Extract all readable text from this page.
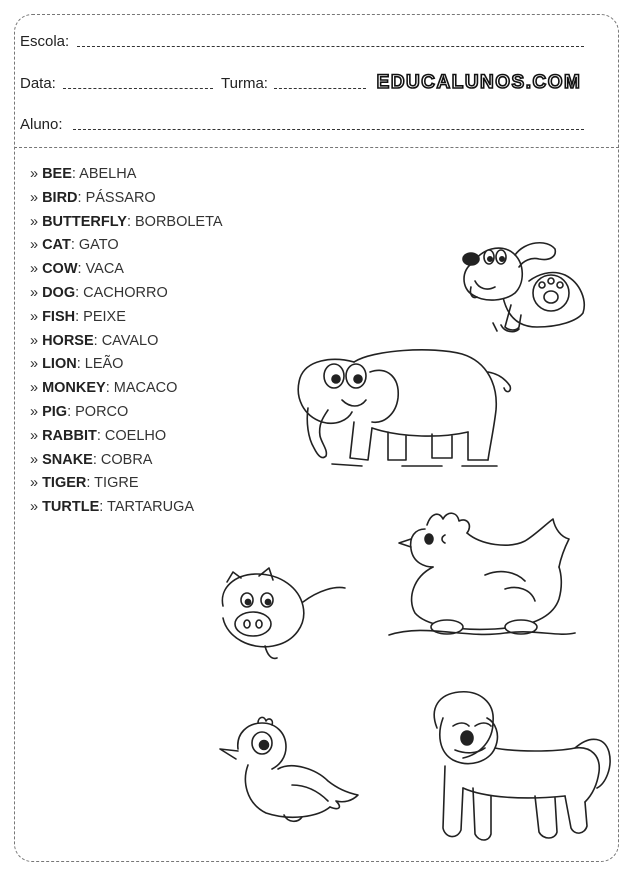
Escola:
Data:	Turma:	EDUCALUNOS.COM
Aluno:
» BEE: ABELHA
» BIRD: PÁSSARO
» BUTTERFLY: BORBOLETA
» CAT: GATO
» COW: VACA
» DOG: CACHORRO
» FISH: PEIXE
» HORSE: CAVALO
» LION: LEÃO
» MONKEY: MACACO
» PIG: PORCO
» RABBIT: COELHO
» SNAKE: COBRA
» TIGER: TIGRE
» TURTLE: TARTARUGA
